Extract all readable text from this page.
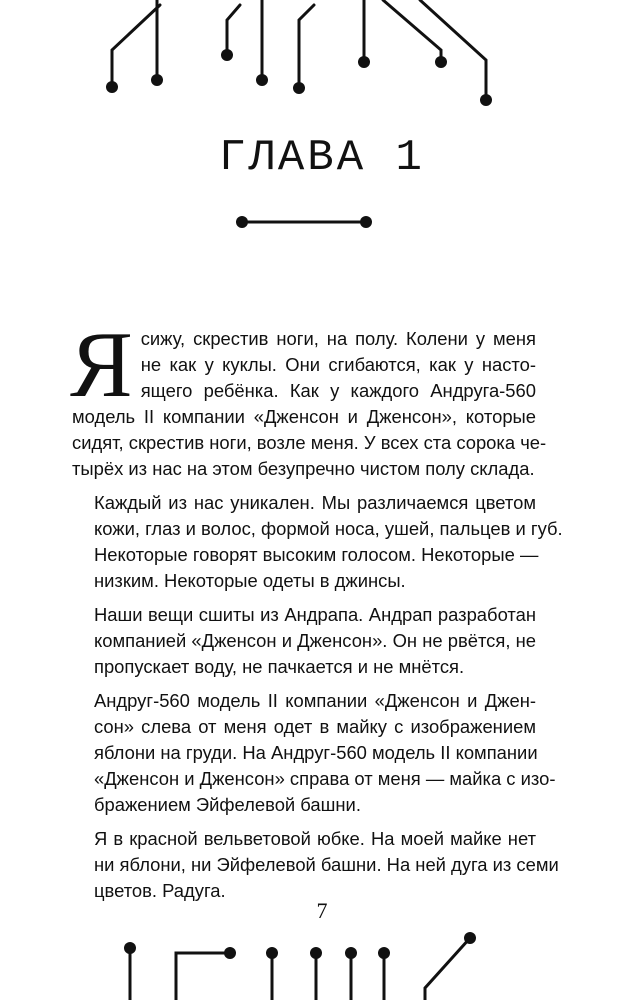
ГЛАВА 1

Я сижу, скрестив ноги, на полу. Колени у меня
не как у куклы. Они сгибаются, как у насто-
ящего ребёнка. Как у каждого Андруга-560
модель II компании «Дженсон и Дженсон», которые
сидят, скрестив ноги, возле меня. У всех ста сорока че-
тырёх из нас на этом безупречно чистом полу склада.

Каждый из нас уникален. Мы различаемся цветом
кожи, глаз и волос, формой носа, ушей, пальцев и губ.
Некоторые говорят высоким голосом. Некоторые —
низким. Некоторые одеты в джинсы.

Наши вещи сшиты из Андрапа. Андрап разработан
компанией «Дженсон и Дженсон». Он не рвётся, не
пропускает воду, не пачкается и не мнётся.

Андруг-560 модель II компании «Дженсон и Джен-
сон» слева от меня одет в майку с изображением
яблони на груди. На Андруг-560 модель II компании
«Дженсон и Дженсон» справа от меня — майка с изо-
бражением Эйфелевой башни.

Я в красной вельветовой юбке. На моей майке нет
ни яблони, ни Эйфелевой башни. На ней дуга из семи
цветов. Радуга.

7
